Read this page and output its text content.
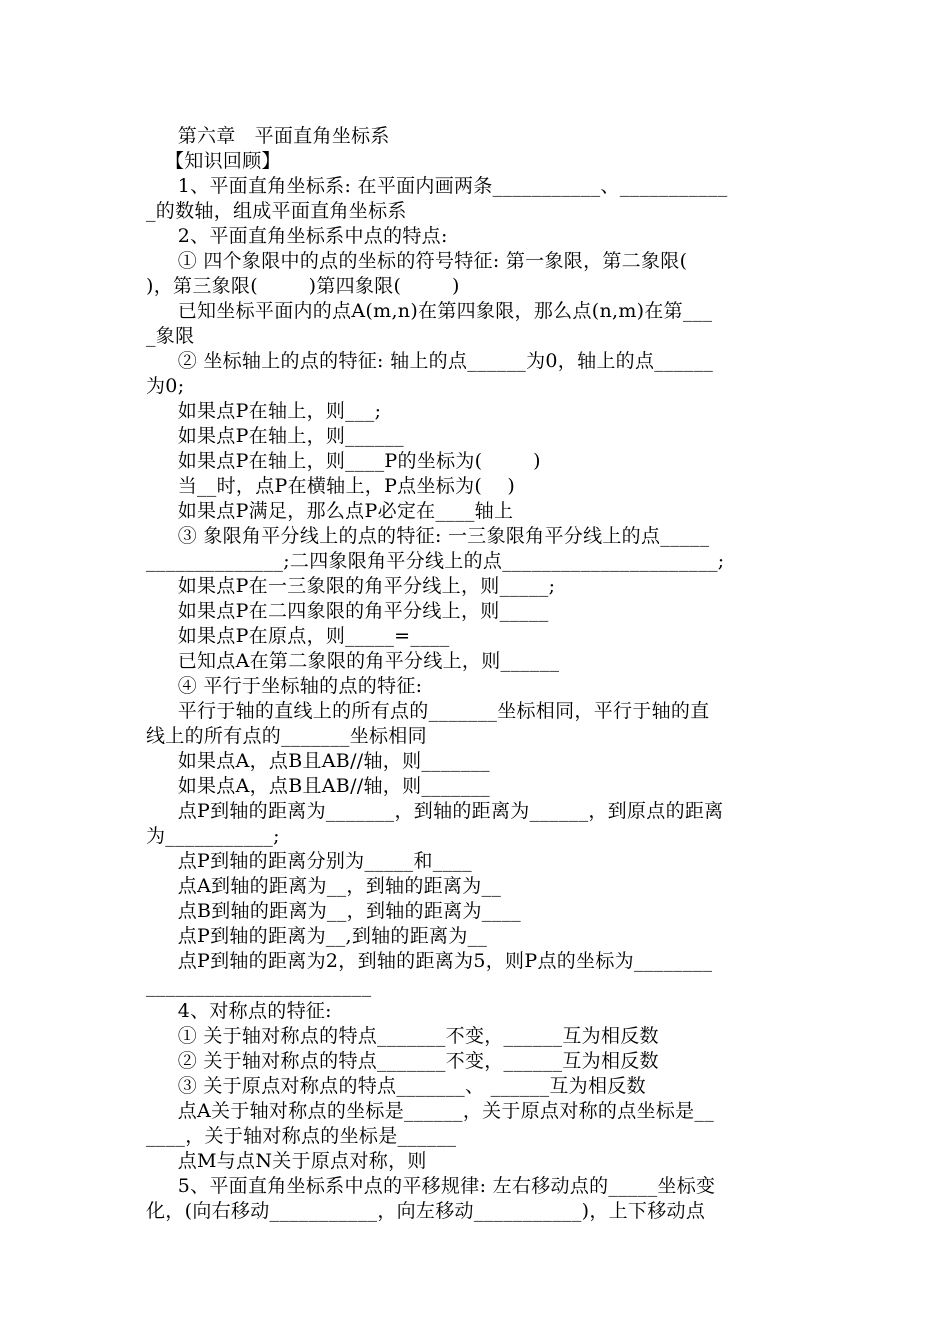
第六章   平面直角坐标系
【知识回顾】
1、平面直角坐标系: 在平面内画两条___________、___________
_的数轴，组成平面直角坐标系
2、平面直角坐标系中点的特点:
① 四个象限中的点的坐标的符号特征: 第一象限，第二象限(
)，第三象限(        )第四象限(        )
已知坐标平面内的点A(m,n)在第四象限，那么点(n,m)在第___
_象限
② 坐标轴上的点的特征: 轴上的点______为0，轴上的点______
为0;
如果点P在轴上，则___;
如果点P在轴上，则______
如果点P在轴上，则____P的坐标为(        )
当__时，点P在横轴上，P点坐标为(    )
如果点P满足，那么点P必定在____轴上
③ 象限角平分线上的点的特征: 一三象限角平分线上的点_____
______________;二四象限角平分线上的点______________________;
如果点P在一三象限的角平分线上，则_____;
如果点P在二四象限的角平分线上，则_____
如果点P在原点，则_____=____
已知点A在第二象限的角平分线上，则______
④ 平行于坐标轴的点的特征:
平行于轴的直线上的所有点的_______坐标相同，平行于轴的直
线上的所有点的_______坐标相同
如果点A，点B且AB//轴，则_______
如果点A，点B且AB//轴，则_______
点P到轴的距离为_______，到轴的距离为______，到原点的距离
为___________;
点P到轴的距离分别为_____和____
点A到轴的距离为__，到轴的距离为__
点B到轴的距离为__，到轴的距离为____
点P到轴的距离为__,到轴的距离为__
点P到轴的距离为2，到轴的距离为5，则P点的坐标为________
_______________________
4、对称点的特征:
① 关于轴对称点的特点_______不变，______互为相反数
② 关于轴对称点的特点_______不变，______互为相反数
③ 关于原点对称点的特点_______、 ______互为相反数
点A关于轴对称点的坐标是______，关于原点对称的点坐标是__
____，关于轴对称点的坐标是______
点M与点N关于原点对称，则
5、平面直角坐标系中点的平移规律: 左右移动点的_____坐标变
化，(向右移动___________，向左移动___________)，上下移动点
